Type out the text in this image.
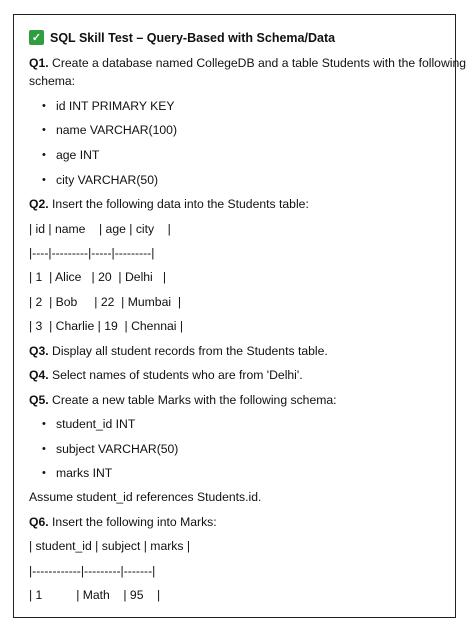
✓ SQL Skill Test – Query-Based with Schema/Data
Q1. Create a database named CollegeDB and a table Students with the following
schema:
• id INT PRIMARY KEY
• name VARCHAR(100)
• age INT
• city VARCHAR(50)
Q2. Insert the following data into the Students table:
| id | name    | age | city    |
|----|---------|-----|---------|
| 1  | Alice   | 20  | Delhi   |
| 2  | Bob     | 22  | Mumbai  |
| 3  | Charlie | 19  | Chennai |
Q3. Display all student records from the Students table.
Q4. Select names of students who are from 'Delhi'.
Q5. Create a new table Marks with the following schema:
• student_id INT
• subject VARCHAR(50)
• marks INT
Assume student_id references Students.id.
Q6. Insert the following into Marks:
| student_id | subject | marks |
|------------|---------|-------|
| 1          | Math    | 95    |
